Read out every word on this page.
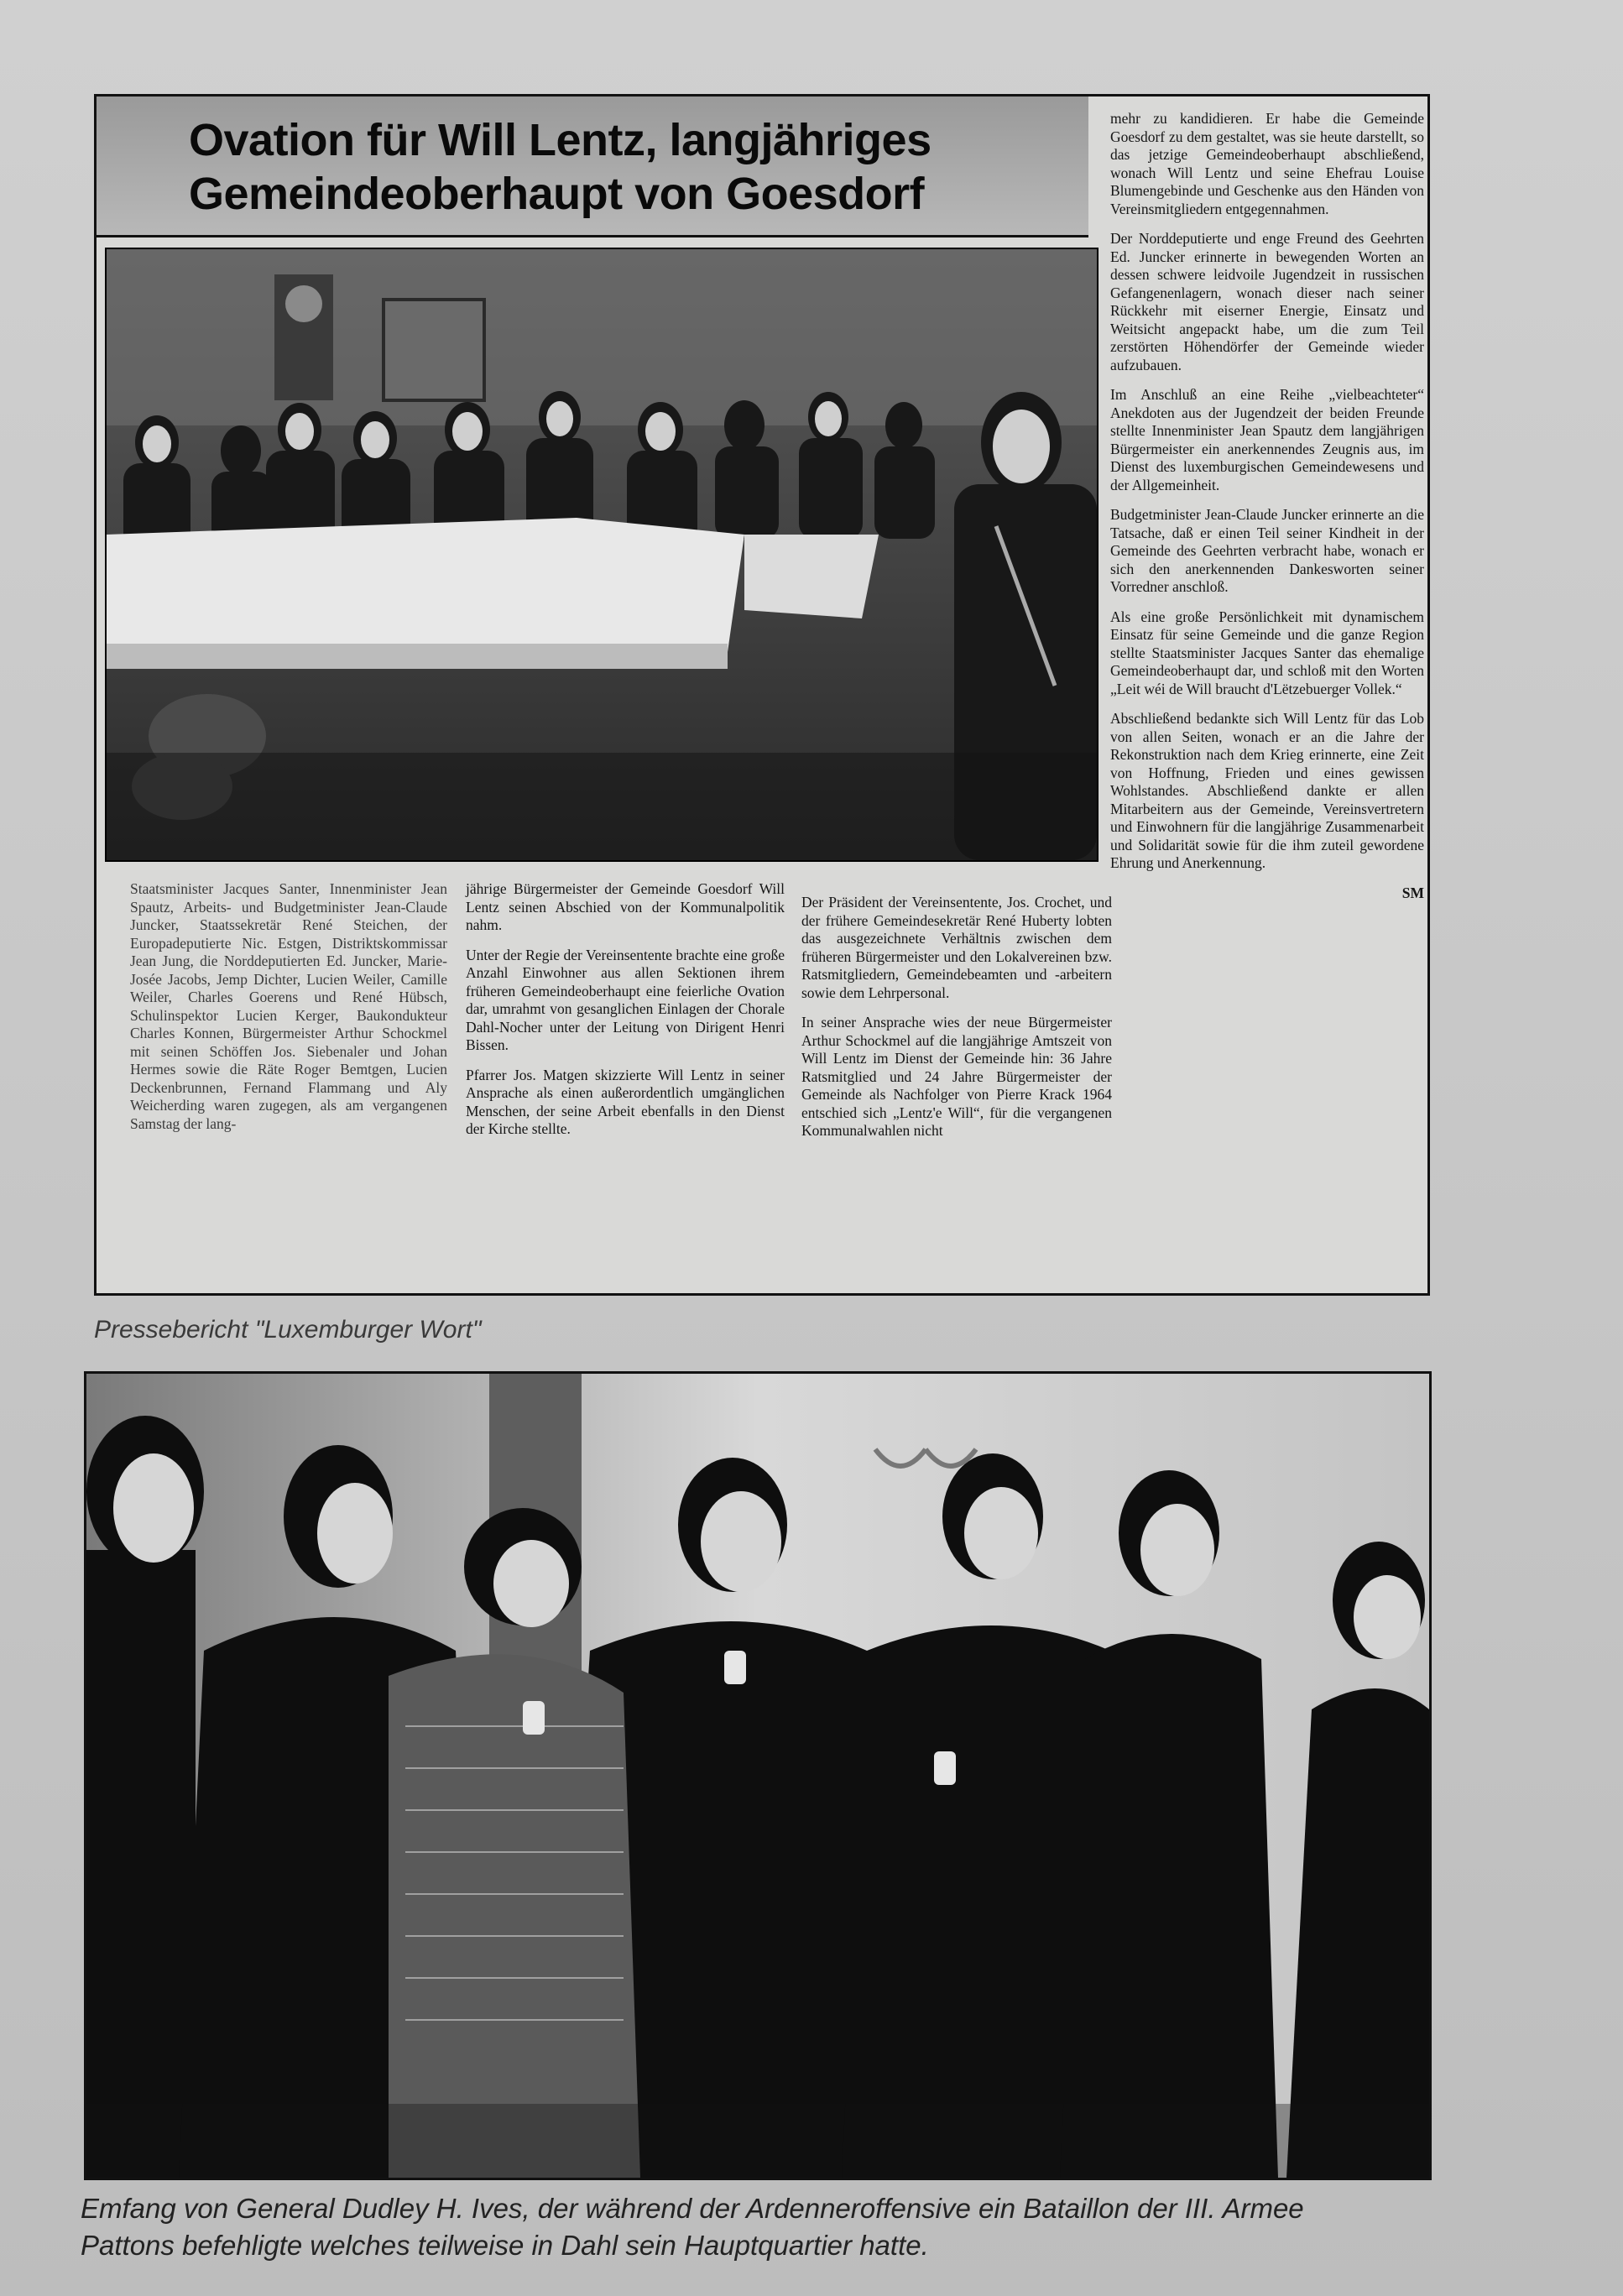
Ovation für Will Lentz, langjähriges Gemeindeoberhaupt von Goesdorf

mehr zu kandidieren. Er habe die Gemeinde Goesdorf zu dem gestaltet, was sie heute darstellt, so das jetzige Gemeindeoberhaupt abschließend, wonach Will Lentz und seine Ehefrau Louise Blumengebinde und Geschenke aus den Händen von Vereinsmitgliedern entgegennahmen.

Der Norddeputierte und enge Freund des Geehrten Ed. Juncker erinnerte in bewegenden Worten an dessen schwere leidvoile Jugendzeit in russischen Gefangenenlagern, wonach dieser nach seiner Rückkehr mit eiserner Energie, Einsatz und Weitsicht angepackt habe, um die zum Teil zerstörten Höhendörfer der Gemeinde wieder aufzubauen.

Im Anschluß an eine Reihe „vielbeachteter“ Anekdoten aus der Jugendzeit der beiden Freunde stellte Innenminister Jean Spautz dem langjährigen Bürgermeister ein anerkennendes Zeugnis aus, im Dienst des luxemburgischen Gemeindewesens und der Allgemeinheit.

Budgetminister Jean-Claude Juncker erinnerte an die Tatsache, daß er einen Teil seiner Kindheit in der Gemeinde des Geehrten verbracht habe, wonach er sich den anerkennenden Dankesworten seiner Vorredner anschloß.

Als eine große Persönlichkeit mit dynamischem Einsatz für seine Gemeinde und die ganze Region stellte Staatsminister Jacques Santer das ehemalige Gemeindeoberhaupt dar, und schloß mit den Worten „Leit wéi de Will braucht d'Lëtzebuerger Vollek.“

Abschließend bedankte sich Will Lentz für das Lob von allen Seiten, wonach er an die Jahre der Rekonstruktion nach dem Krieg erinnerte, eine Zeit von Hoffnung, Frieden und eines gewissen Wohlstandes. Abschließend dankte er allen Mitarbeitern aus der Gemeinde, Vereinsvertretern und Einwohnern für die langjährige Zusammenarbeit und Solidarität sowie für die ihm zuteil gewordene Ehrung und Anerkennung.

SM

Staatsminister Jacques Santer, Innenminister Jean Spautz, Arbeits- und Budgetminister Jean-Claude Juncker, Staatssekretär René Steichen, der Europadeputierte Nic. Estgen, Distriktskommissar Jean Jung, die Norddeputierten Ed. Juncker, Marie-Josée Jacobs, Jemp Dichter, Lucien Weiler, Camille Weiler, Charles Goerens und René Hübsch, Schulinspektor Lucien Kerger, Baukondukteur Charles Konnen, Bürgermeister Arthur Schockmel mit seinen Schöffen Jos. Siebenaler und Johan Hermes sowie die Räte Roger Bemtgen, Lucien Deckenbrunnen, Fernand Flammang und Aly Weicherding waren zugegen, als am vergangenen Samstag der lang-

jährige Bürgermeister der Gemeinde Goesdorf Will Lentz seinen Abschied von der Kommunalpolitik nahm.

Unter der Regie der Vereinsentente brachte eine große Anzahl Einwohner aus allen Sektionen ihrem früheren Gemeindeoberhaupt eine feierliche Ovation dar, umrahmt von gesanglichen Einlagen der Chorale Dahl-Nocher unter der Leitung von Dirigent Henri Bissen.

Pfarrer Jos. Matgen skizzierte Will Lentz in seiner Ansprache als einen außerordentlich umgänglichen Menschen, der seine Arbeit ebenfalls in den Dienst der Kirche stellte.

Der Präsident der Vereinsentente, Jos. Crochet, und der frühere Gemeindesekretär René Huberty lobten das ausgezeichnete Verhältnis zwischen dem früheren Bürgermeister und den Lokalvereinen bzw. Ratsmitgliedern, Gemeindebeamten und -arbeitern sowie dem Lehrpersonal.

In seiner Ansprache wies der neue Bürgermeister Arthur Schockmel auf die langjährige Amtszeit von Will Lentz im Dienst der Gemeinde hin: 36 Jahre Ratsmitglied und 24 Jahre Bürgermeister der Gemeinde als Nachfolger von Pierre Krack 1964 entschied sich „Lentz'e Will“, für die vergangenen Kommunalwahlen nicht

Pressebericht "Luxemburger Wort"
Emfang von General Dudley H. Ives, der während der Ardenneroffensive ein Bataillon der III. Armee Pattons befehligte welches teilweise in Dahl sein Hauptquartier hatte.
